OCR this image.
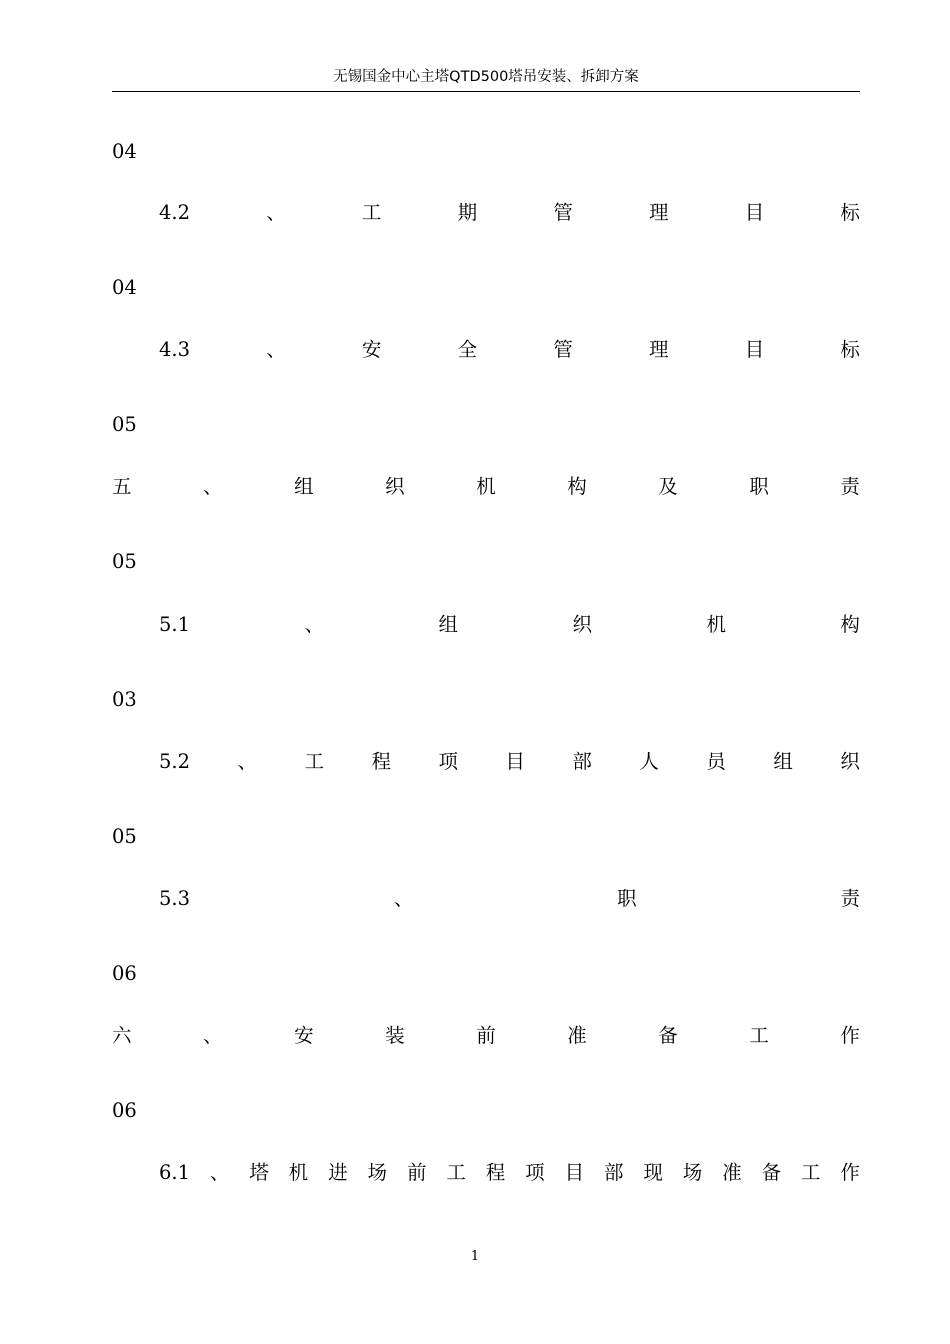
无锡国金中心主塔QTD500塔吊安装、拆卸方案
04
4.2	、	工	期	管	理	目	标
04
4.3	、	安	全	管	理	目	标
05
五	、	组	织	机	构	及	职	责
05
5.1	、	组	织	机	构
03
5.2 、 工 程 项 目 部 人 员 组 织
05
5.3	、	职	责
06
六	、	安	装	前	准	备	工	作
06
6.1 、 塔 机 进 场 前 工 程 项 目 部 现 场 准 备 工 作
1
